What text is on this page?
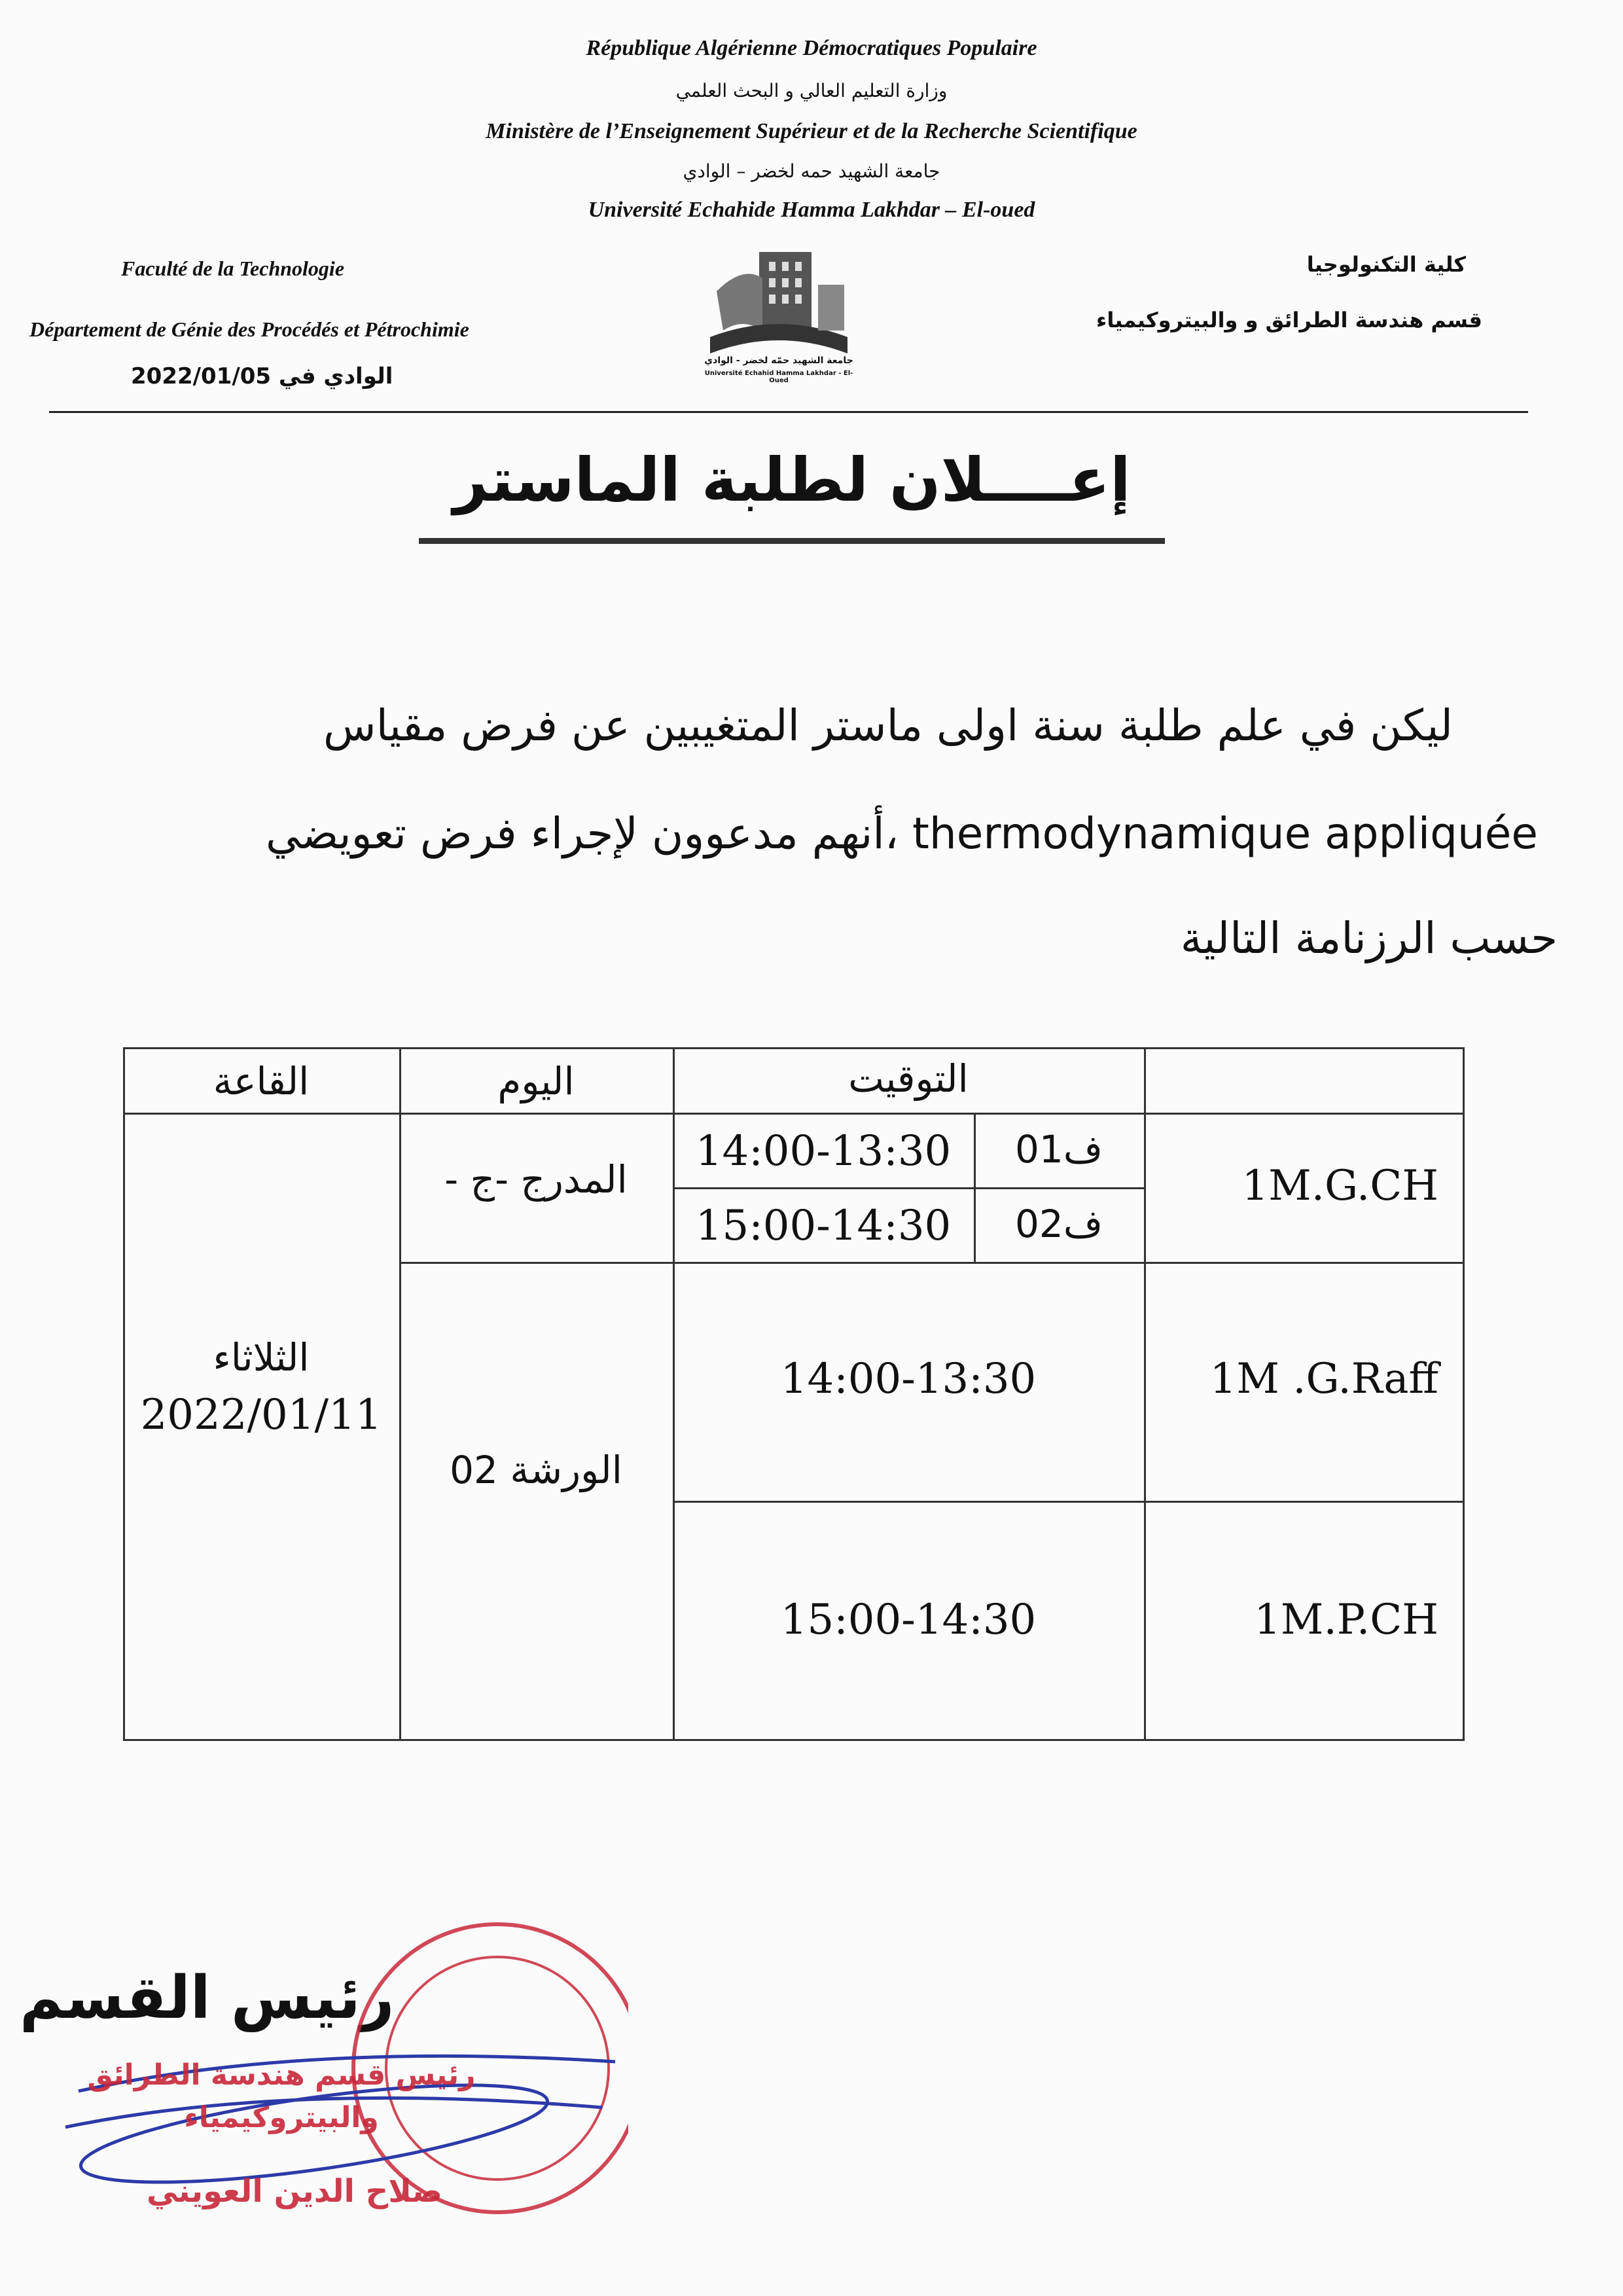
République Algérienne Démocratiques Populaire
وزارة التعليم العالي و البحث العلمي
Ministère de l’Enseignement Supérieur et de la Recherche Scientifique
جامعة الشهيد حمه لخضر – الوادي
Université Echahide Hamma Lakhdar – El-oued
Faculté de la Technologie
Département de Génie des Procédés et Pétrochimie
الوادي في 2022/01/05
كلية التكنولوجيا
قسم هندسة الطرائق و والبيتروكيمياء
جامعة الشهيد حمّه لخضر - الوادي
Université Echahid Hamma Lakhdar - El-Oued
إعــــلان لطلبة الماستر
ليكن في علم طلبة سنة اولى ماستر المتغيبين عن فرض مقياس
thermodynamique appliquée ،أنهم مدعوون لإجراء فرض تعويضي
حسب الرزنامة التالية
القاعة	اليوم	التوقيت
الثلاثاء
2022/01/11
المدرج -ج -
الورشة 02
14:00-13:30
15:00-14:30
ف01
ف02
14:00-13:30
15:00-14:30
1M.G.CH
1M .G.Raff
1M.P.CH
رئيس القسم
رئيس قسم هندسة الطرائق
والبيتروكيمياء
صلاح الدين العويني
